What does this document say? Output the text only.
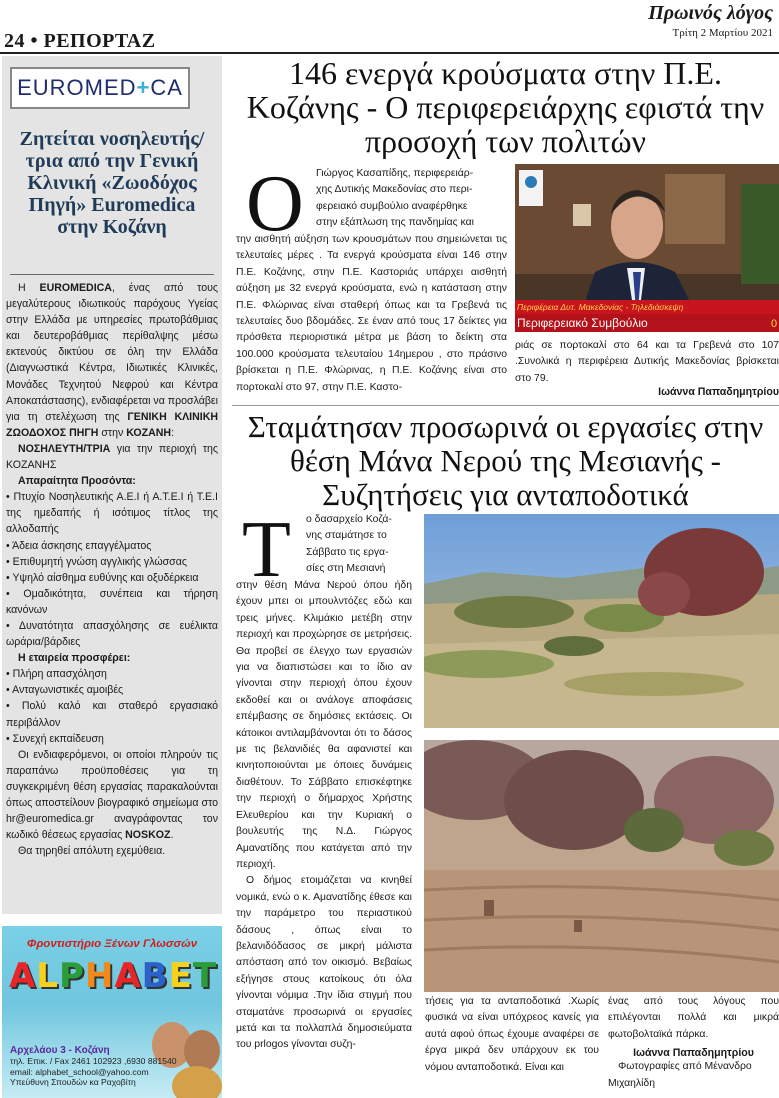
24 • ΡΕΠΟΡΤΑΖ
Πρωινός λόγος
Τρίτη 2 Μαρτίου 2021
EUROMED+CA
Ζητείται νοσηλευτής/τρια από την Γενική Κλινική «Ζωοδόχος Πηγή» Euromedica στην Κοζάνη

Η EUROMEDICA, ένας από τους μεγαλύτερους ιδιωτικούς παρόχους Υγείας στην Ελλάδα με υπηρεσίες πρωτοβάθμιας και δευτεροβάθμιας περίθαλψης μέσω εκτενούς δικτύου σε όλη την Ελλάδα (Διαγνωστικά Κέντρα, Ιδιωτικές Κλινικές, Μονάδες Τεχνητού Νεφρού και Κέντρα Αποκατάστασης), ενδιαφέρεται να προσλάβει για τη στελέχωση της ΓΕΝΙΚΗ ΚΛΙΝΙΚΗ ΖΩΟΔΟΧΟΣ ΠΗΓΗ στην ΚΟΖΑΝΗ:

ΝΟΣΗΛΕΥΤΗ/ΤΡΙΑ για την περιοχή της ΚΟΖΑΝΗΣ

Απαραίτητα Προσόντα:

• Πτυχίο Νοσηλευτικής Α.Ε.Ι ή Α.Τ.Ε.Ι ή Τ.Ε.Ι της ημεδαπής ή ισότιμος τίτλος της αλλοδαπής

• Άδεια άσκησης επαγγέλματος

• Επιθυμητή γνώση αγγλικής γλώσσας

• Υψηλό αίσθημα ευθύνης και οξυδέρκεια

• Ομαδικότητα, συνέπεια και τήρηση κανόνων

• Δυνατότητα απασχόλησης σε ευέλικτα ωράρια/βάρδιες

Η εταιρεία προσφέρει:

• Πλήρη απασχόληση

• Ανταγωνιστικές αμοιβές

• Πολύ καλό και σταθερό εργασιακό περιβάλλον

• Συνεχή εκπαίδευση

Οι ενδιαφερόμενοι, οι οποίοι πληρούν τις παραπάνω προϋποθέσεις για τη συγκεκριμένη θέση εργασίας παρακαλούνται όπως αποστείλουν βιογραφικό σημείωμα στο hr@euromedica.gr αναγράφοντας τον κωδικό θέσεως εργασίας NOSKOZ.

Θα τηρηθεί απόλυτη εχεμύθεια.

Φροντιστήριο Ξένων Γλωσσών
ALPHABET
Αρχελάου 3 - Κοζάνη
τηλ. Επικ. / Fax 2461 102923 ,6930 881540
email: alphabet_school@yahoo.com
Υπεύθυνη Σπουδών κα Ραχοβίτη
146 ενεργά κρούσματα στην Π.Ε. Κοζάνης - Ο περιφερειάρχης εφιστά την προσοχή των πολιτών
Ο Γιώργος Κασαπίδης, περιφερειάρ-
χης Δυτικής Μακεδονίας στο περι-
φερειακό συμβούλιο αναφέρθηκε
στην εξάπλωση της πανδημίας και
την αισθητή αύξηση των κρουσμάτων που σημειώνεται τις τελευταίες μέρες . Τα ενεργά κρούσματα είναι 146 στην Π.Ε. Κοζάνης, στην Π.Ε. Καστοριάς υπάρχει αισθητή αύξηση με 32 ενεργά κρούσματα, ενώ η κατάσταση στην Π.Ε. Φλώρινας είναι σταθερή όπως και τα Γρεβενά τις τελευταίες δυο βδομάδες. Σε έναν από τους 17 δείκτες για πρόσθετα περιοριστικά μέτρα με βάση το δείκτη στα 100.000 κρούσματα τελευταίου 14ημερου , στο πράσινο βρίσκεται η Π.Ε. Φλώρινας, η Π.Ε. Κοζάνης είναι στο πορτοκαλί στο 97, στην Π.Ε. Καστο-
Περιφέρεια Δυτ. Μακεδονίας - Τηλεδιάσκεψη
Περιφερειακό Συμβούλιο	0
ριάς σε πορτοκαλί στο 64 και τα Γρεβενά στο 107 .Συνολικά η περιφέρεια Δυτικής Μακεδονίας βρίσκεται στο 79.
Ιωάννα Παπαδημητρίου
Σταμάτησαν προσωρινά οι εργασίες στην θέση Μάνα Νερού της Μεσιανής - Συζητήσεις για ανταποδοτικά
Τ ο δασαρχείο Κοζά-
νης σταμάτησε το
Σάββατο τις εργα-
σίες στη Μεσιανή

στην θέση Μάνα Νερού όπου ήδη έχουν μπει οι μπουλντόζες εδώ και τρεις μήνες. Κλιμάκιο μετέβη στην περιοχή και προχώρησε σε μετρήσεις. Θα προβεί σε έλεγχο των εργασιών για να διαπιστώσει και το ίδιο αν γίνονται στην περιοχή όπου έχουν εκδοθεί και οι ανάλογε αποφάσεις επέμβασης σε δημόσιες εκτάσεις. Οι κάτοικοι αντιλαμβάνονται ότι το δάσος με τις βελανιδιές θα αφανιστεί και κινητοποιούνται με όποιες δυνάμεις διαθέτουν. Το Σάββατο επισκέφτηκε την περιοχή ο δήμαρχος Χρήστης Ελευθερίου και την Κυριακή ο βουλευτής της Ν.Δ. Γιώργος Αμανατίδης που κατάγεται από την περιοχή.

Ο δήμος ετοιμάζεται να κινηθεί νομικά, ενώ ο κ. Αμανατίδης έθεσε και την παράμετρο του περιαστικού δάσους , όπως είναι το βελανιδόδασος σε μικρή μάλιστα απόσταση από τον οικισμό. Βεβαίως εξήγησε στους κατοίκους ότι όλα γίνονται νόμιμα .Την ίδια στιγμή που σταματάνε προσωρινά οι εργασίες μετά και τα πολλαπλά δημοσιεύματα του prlogos γίνονται συζη-

τήσεις για τα ανταποδοτικά .Χωρίς φυσικά να είναι υπόχρεος κανείς για αυτά αφού όπως έχουμε αναφέρει σε έργα μικρά δεν υπάρχουν εκ του νόμου ανταποδοτικά. Είναι και
ένας από τους λόγους που επιλέγονται πολλά και μικρά φωτοβολταϊκά πάρκα.
Ιωάννα Παπαδημητρίου
Φωτογραφίες από Μένανδρο Μιχαηλίδη
